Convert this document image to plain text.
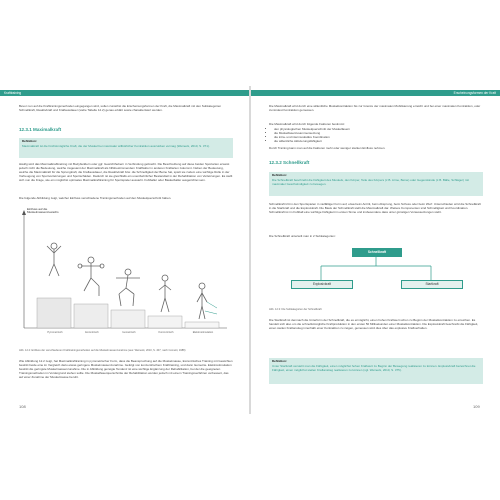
Krafttraining
Bevor nun auf die Krafttrainingsmethoden eingegangen wird, sollen zunächst die Erscheinungsformen der Kraft, die Maximalkraft mit den Subkategorien Schnellkraft, Reaktivkraft und Kraftausdauer (siehe Tabelle 12.2) genau erklärt sowie charakterisiert werden.
12.3.1 Maximalkraft
Definition:
Maximalkraft ist die höchstmögliche Kraft, die der Muskel bei maximaler willkürlicher Kontraktion auszuüben vermag (Weineck, 2010, S. 371).
Häufig wird das Maximalkrafttraining mit Bodybuildern oder ggf. Gewichthebern in Verbindung gebracht. Die Beschreibung auf diese beiden Sportarten erweist jedoch nicht die Bedeutung, welche insgesamt der Maximalkraft als hilfsbestimmendem Kraftfaktor in anderen Kraftarten zukommt. Neben der Bedeutung, welche die Maximalkraft für die Sprungkraft, die Kraftausdauer, die Reaktivkraft bzw. die Schnelligkeit der Beine hat, spielt sie zudem eine wichtige Rolle in der Vorbeugung von Sportverletzungen und Sportschäden. Dadurch ist sie gleichfalls ein unentbehrlicher Bestandteil in der Rehabilitation von Verletzungen. Es stellt sich nun die Frage, wie ein möglichst optimales Maximalkrafttraining für Sportspieler aussieht. Fußballer oder Basketballer ausgerichtet sein.
Die folgende Abbildung zeigt, welcher Einfluss verschiedene Trainingsmethoden auf den Muskelquerschnitt haben.
Einfluss auf die
Muskelmassenzuwachs
Pyrometrisch	Exzentrisch	Isometrisch	Konzentrisch	Elektrostimulation
Abb. 12.2: Einfluss der verschiedenen Krafttrainingsmethoden auf die Muskelmassenzunahme (aus: Weineck, 2010, S. 407, nach Cometti, 1988)
Wie Abbildung 12.2 zeigt, hat Maximalkrafttraining in pyrometrischer Form, dass die Beanspruchung auf die Muskelmasse, Exzentrisches Training mit Gewichten bewirkt beide eine im Vergleich dazu etwas geringere Muskelmassenzunahme. Gefolgt von konzentrischem Krafttraining, und dann Isometrie. Elektrostimulation bewirkt die geringste Muskelmassenzunahme. Die in Abbildung gezeigte Tendenz ist eine wichtige Ergänzung der Rehabilitation, bei der die geeigneten Trainingsmethoden im Vordergrund stehen sollte. Die Muskelfaserquerschnitte der Rehabilitation werden jedoch mit einem Trainingsverfahren verbessert, das auf einer Zunahme der Muskelmasse beruht.
108
Erscheinungsformen der Kraft
Die Maximalkraft wird durch eine willentliche Muskelkontraktion bis zur Grenze der maximalen Mobilisierung erreicht und bei einer maximalen Kontraktion, oder zumindest Kontraktion gemessen.
Die Maximalkraft wird durch folgende Faktoren bestimmt:
• den physiologischen Muskelquerschnitt der Muskelfasern
• die Muskelfaserzusammensetzung
• die intra- und intermuskuläre Koordination
• die willentliche Aktivierungsfähigkeit
Durch Training kann man auf die Faktoren mehr oder weniger starken Einfluss nehmen.
12.3.2 Schnellkraft
Definition:
Die Schnellkraft beschreibt die Fähigkeit des Muskels, den Körper, Teile des Körpers (z.B. Arme, Beine) oder Gegenstände (z.B. Bälle, Schläger) mit maximaler Geschwindigkeit zu bewegen.
Schnellkraft tritt in den Sportspielen in vielfältiger Form auf, etwa beim Antritt, beim Absprung, beim Schuss oder beim Wurf. Unterschieden wird die Schnellkraft in die Startkraft und die Explosivkraft. Die Basis der Schnellkraft stellt die Maximalkraft dar. Weitere Komponenten sind Schnelligkeit und Koordination. Schnellkraft ist im Fußball eine wichtige Fähigkeit im ersten Sinne und insbesondere dass unter günstigen Voraussetzungen steht.
Die Schnellkraft unterteilt man in 2 Subkategorien:
Schnellkraft
Explosivkraft	Startkraft
Abb. 12.3: Die Subkategorien der Schnellkraft
Die Startkraft ist demnach die Unterform der Schnellkraft, die es ermöglicht, einen hohen Kraftwert schon zu Beginn der Muskelkontraktion zu erreichen. Es handelt sich also um die schnellstmögliche Kraftproduktion in den ersten 50 Millisekunden einer Muskelkontraktion. Die Explosivkraft beschreibt die Fähigkeit, einen steilen Kraftanstieg innerhalb einer Kontraktion zu zeigen, gemessen wird dies über das explosive Kraftverhalten.
Definition:
Unter Startkraft versteht man die Fähigkeit, einen möglichst hohen Kraftwert zu Beginn der Bewegung realisieren zu können. Explosivkraft bezeichnet die Fähigkeit, einen möglichst steilen Kraftanstieg realisieren zu können (vgl. Weineck, 2010, S. 375).
109
